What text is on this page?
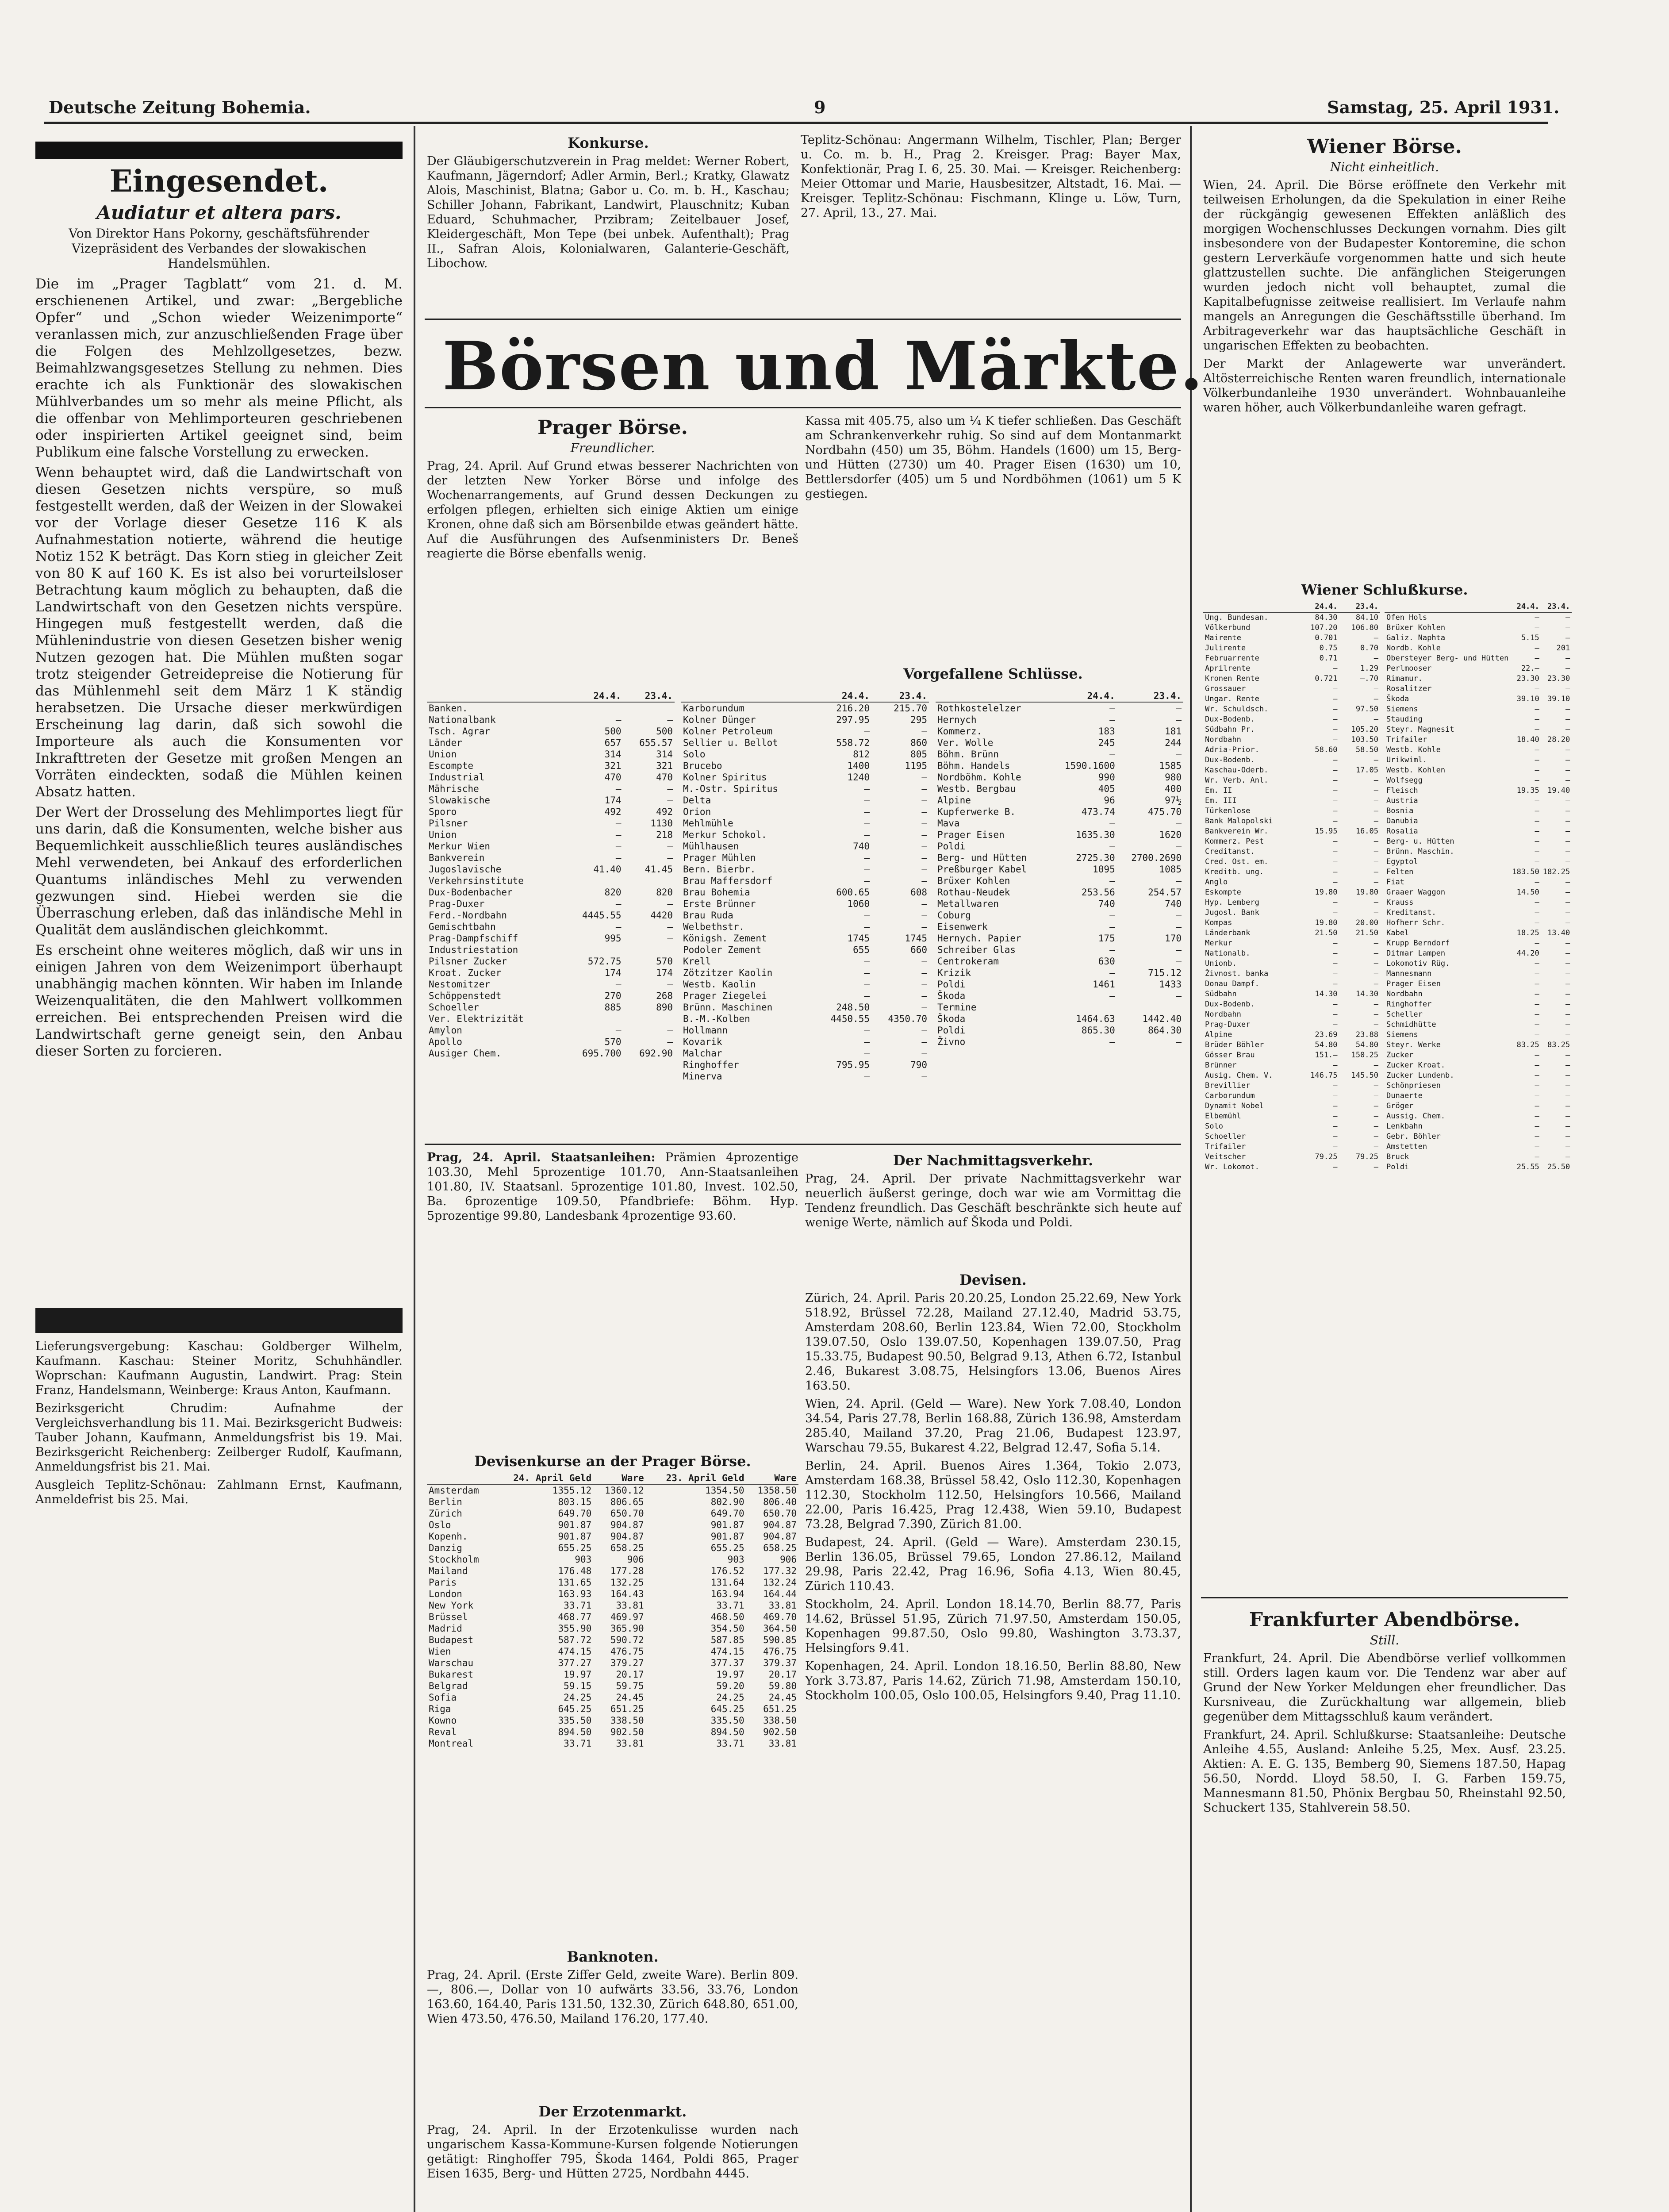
Deutsche Zeitung Bohemia.	9	Samstag, 25. April 1931.
Eingesendet.
Audiatur et altera pars.
Von Direktor Hans Pokorny, geschäftsführender Vizepräsident des Verbandes der slowakischen Handelsmühlen.

Die im „Prager Tagblatt“ vom 21. d. M. erschienenen Artikel, und zwar: „Bergebliche Opfer“ und „Schon wieder Weizenimporte“ veranlassen mich, zur anzuschließenden Frage über die Folgen des Mehlzollgesetzes, bezw. Beimahlzwangsgesetzes Stellung zu nehmen. Dies erachte ich als Funktionär des slowakischen Mühlverbandes um so mehr als meine Pflicht, als die offenbar von Mehlimporteuren geschriebenen oder inspirierten Artikel geeignet sind, beim Publikum eine falsche Vorstellung zu erwecken.

Wenn behauptet wird, daß die Landwirtschaft von diesen Gesetzen nichts verspüre, so muß festgestellt werden, daß der Weizen in der Slowakei vor der Vorlage dieser Gesetze 116 K als Aufnahmestation notierte, während die heutige Notiz 152 K beträgt. Das Korn stieg in gleicher Zeit von 80 K auf 160 K. Es ist also bei vorurteilsloser Betrachtung kaum möglich zu behaupten, daß die Landwirtschaft von den Gesetzen nichts verspüre. Hingegen muß festgestellt werden, daß die Mühlenindustrie von diesen Gesetzen bisher wenig Nutzen gezogen hat. Die Mühlen mußten sogar trotz steigender Getreidepreise die Notierung für das Mühlenmehl seit dem März 1 K ständig herabsetzen. Die Ursache dieser merkwürdigen Erscheinung lag darin, daß sich sowohl die Importeure als auch die Konsumenten vor Inkrafttreten der Gesetze mit großen Mengen an Vorräten eindeckten, sodaß die Mühlen keinen Absatz hatten.

Der Wert der Drosselung des Mehlimportes liegt für uns darin, daß die Konsumenten, welche bisher aus Bequemlichkeit ausschließlich teures ausländisches Mehl verwendeten, bei Ankauf des erforderlichen Quantums inländisches Mehl zu verwenden gezwungen sind. Hiebei werden sie die Überraschung erleben, daß das inländische Mehl in Qualität dem ausländischen gleichkommt.

Es erscheint ohne weiteres möglich, daß wir uns in einigen Jahren von dem Weizenimport überhaupt unabhängig machen könnten. Wir haben im Inlande Weizenqualitäten, die den Mahlwert vollkommen erreichen. Bei entsprechenden Preisen wird die Landwirtschaft gerne geneigt sein, den Anbau dieser Sorten zu forcieren.

Lieferungsvergebung: Kaschau: Goldberger Wilhelm, Kaufmann. Kaschau: Steiner Moritz, Schuhhändler. Woprschan: Kaufmann Augustin, Landwirt. Prag: Stein Franz, Handelsmann, Weinberge: Kraus Anton, Kaufmann.

Bezirksgericht Chrudim: Aufnahme der Vergleichsverhandlung bis 11. Mai. Bezirksgericht Budweis: Tauber Johann, Kaufmann, Anmeldungsfrist bis 19. Mai. Bezirksgericht Reichenberg: Zeilberger Rudolf, Kaufmann, Anmeldungsfrist bis 21. Mai.

Ausgleich Teplitz-Schönau: Zahlmann Ernst, Kaufmann, Anmeldefrist bis 25. Mai.

Konkurse.

Der Gläubigerschutzverein in Prag meldet: Werner Robert, Kaufmann, Jägerndorf; Adler Armin, Berl.; Kratky, Glawatz Alois, Maschinist, Blatna; Gabor u. Co. m. b. H., Kaschau; Schiller Johann, Fabrikant, Landwirt, Plauschnitz; Kuban Eduard, Schuhmacher, Przibram; Zeitelbauer Josef, Kleidergeschäft, Mon Tepe (bei unbek. Aufenthalt); Prag II., Safran Alois, Kolonialwaren, Galanterie-Geschäft, Libochow.

Teplitz-Schönau: Angermann Wilhelm, Tischler, Plan; Berger u. Co. m. b. H., Prag 2. Kreisger. Prag: Bayer Max, Konfektionär, Prag I. 6, 25. 30. Mai. — Kreisger. Reichenberg: Meier Ottomar und Marie, Hausbesitzer, Altstadt, 16. Mai. — Kreisger. Teplitz-Schönau: Fischmann, Klinge u. Löw, Turn, 27. April, 13., 27. Mai.

Börsen und Märkte.
Prager Börse.
Freundlicher.

Prag, 24. April. Auf Grund etwas besserer Nachrichten von der letzten New Yorker Börse und infolge des Wochenarrangements, auf Grund dessen Deckungen zu erfolgen pflegen, erhielten sich einige Aktien um einige Kronen, ohne daß sich am Börsenbilde etwas geändert hätte. Auf die Ausführungen des Aufsenministers Dr. Beneš reagierte die Börse ebenfalls wenig.

Kassa mit 405.75, also um ¼ K tiefer schließen. Das Geschäft am Schrankenverkehr ruhig. So sind auf dem Montanmarkt Nordbahn (450) um 35, Böhm. Handels (1600) um 15, Berg- und Hütten (2730) um 40. Prager Eisen (1630) um 10, Bettlersdorfer (405) um 5 und Nordböhmen (1061) um 5 K gestiegen.

Vorgefallene Schlüsse.
	24.4.	23.4.
Banken.		
Nationalbank	—	—
Tsch. Agrar	500	500
Länder	657	655.57
Union	314	314
Escompte	321	321
Industrial	470	470
Mährische	—	—
Slowakische	174	—
Sporo	492	492
Pilsner	—	1130
Union	—	218
Merkur Wien	—	—
Bankverein	—	—
Jugoslavische	41.40	41.45
Verkehrsinstitute		
Dux-Bodenbacher	820	820
Prag-Duxer	—	—
Ferd.-Nordbahn	4445.55	4420
Gemischtbahn	—	—
Prag-Dampfschiff	995	—
Industriestation		
Pilsner Zucker	572.75	570
Kroat. Zucker	174	174
Nestomitzer	—	—
Schöppenstedt	270	268
Schoeller	885	890
Ver. Elektrizität		
Amylon	—	—
Apollo	570	—
Ausiger Chem.	695.700	692.90
	24.4.	23.4.
Karborundum	216.20	215.70
Kolner Dünger	297.95	295
Kolner Petroleum	—	—
Sellier u. Bellot	558.72	860
Solo	812	805
Brucebo	1400	1195
Kolner Spiritus	1240	—
M.-Ostr. Spiritus	—	—
Delta	—	—
Orion	—	—
Mehlmühle	—	—
Merkur Schokol.	—	—
Mühlhausen	740	—
Prager Mühlen	—	—
Bern. Bierbr.	—	—
Brau Maffersdorf	—	—
Brau Bohemia	600.65	608
Erste Brünner	1060	—
Brau Ruda	—	—
Welbethstr.	—	—
Königsh. Zement	1745	1745
Podoler Zement	655	660
Krell	—	—
Zötzitzer Kaolin	—	—
Westb. Kaolin	—	—
Prager Ziegelei	—	—
Brünn. Maschinen	248.50	—
B.-M.-Kolben	4450.55	4350.70
Hollmann	—	—
Kovarik	—	—
Malchar	—	—
Ringhoffer	795.95	790
Minerva	—	—
	24.4.	23.4.
Rothkostelelzer	—	—
Hernych	—	—
Kommerz.	183	181
Ver. Wolle	245	244
Böhm. Brünn	—	—
Böhm. Handels	1590.1600	1585
Nordböhm. Kohle	990	980
Westb. Bergbau	405	400
Alpine	96	97½
Kupferwerke B.	473.74	475.70
Mava	—	—
Prager Eisen	1635.30	1620
Poldi	—	—
Berg- und Hütten	2725.30	2700.2690
Preßburger Kabel	1095	1085
Brüxer Kohlen	—	—
Rothau-Neudek	253.56	254.57
Metallwaren	740	740
Coburg	—	—
Eisenwerk	—	—
Hernych. Papier	175	170
Schreiber Glas	—	—
Centrokeram	630	—
Krizik	—	715.12
Poldi	1461	1433
Škoda	—	—
Termine		
Škoda	1464.63	1442.40
Poldi	865.30	864.30
Živno	—	—

Prag, 24. April. Staatsanleihen: Prämien 4prozentige 103.30, Mehl 5prozentige 101.70, Ann-Staatsanleihen 101.80, IV. Staatsanl. 5prozentige 101.80, Invest. 102.50, Ba. 6prozentige 109.50, Pfandbriefe: Böhm. Hyp. 5prozentige 99.80, Landesbank 4prozentige 93.60.

Der Nachmittagsverkehr.

Prag, 24. April. Der private Nachmittagsverkehr war neuerlich äußerst geringe, doch war wie am Vormittag die Tendenz freundlich. Das Geschäft beschränkte sich heute auf wenige Werte, nämlich auf Škoda und Poldi.

Devisen.

Zürich, 24. April. Paris 20.20.25, London 25.22.69, New York 518.92, Brüssel 72.28, Mailand 27.12.40, Madrid 53.75, Amsterdam 208.60, Berlin 123.84, Wien 72.00, Stockholm 139.07.50, Oslo 139.07.50, Kopenhagen 139.07.50, Prag 15.33.75, Budapest 90.50, Belgrad 9.13, Athen 6.72, Istanbul 2.46, Bukarest 3.08.75, Helsingfors 13.06, Buenos Aires 163.50.

Wien, 24. April. (Geld — Ware). New York 7.08.40, London 34.54, Paris 27.78, Berlin 168.88, Zürich 136.98, Amsterdam 285.40, Mailand 37.20, Prag 21.06, Budapest 123.97, Warschau 79.55, Bukarest 4.22, Belgrad 12.47, Sofia 5.14.

Berlin, 24. April. Buenos Aires 1.364, Tokio 2.073, Amsterdam 168.38, Brüssel 58.42, Oslo 112.30, Kopenhagen 112.30, Stockholm 112.50, Helsingfors 10.566, Mailand 22.00, Paris 16.425, Prag 12.438, Wien 59.10, Budapest 73.28, Belgrad 7.390, Zürich 81.00.

Budapest, 24. April. (Geld — Ware). Amsterdam 230.15, Berlin 136.05, Brüssel 79.65, London 27.86.12, Mailand 29.98, Paris 22.42, Prag 16.96, Sofia 4.13, Wien 80.45, Zürich 110.43.

Stockholm, 24. April. London 18.14.70, Berlin 88.77, Paris 14.62, Brüssel 51.95, Zürich 71.97.50, Amsterdam 150.05, Kopenhagen 99.87.50, Oslo 99.80, Washington 3.73.37, Helsingfors 9.41.

Kopenhagen, 24. April. London 18.16.50, Berlin 88.80, New York 3.73.87, Paris 14.62, Zürich 71.98, Amsterdam 150.10, Stockholm 100.05, Oslo 100.05, Helsingfors 9.40, Prag 11.10.

Devisenkurse an der Prager Börse.
	24. April Geld	Ware	23. April Geld	Ware
Amsterdam	1355.12	1360.12	1354.50	1358.50
Berlin	803.15	806.65	802.90	806.40
Zürich	649.70	650.70	649.70	650.70
Oslo	901.87	904.87	901.87	904.87
Kopenh.	901.87	904.87	901.87	904.87
Danzig	655.25	658.25	655.25	658.25
Stockholm	903	906	903	906
Mailand	176.48	177.28	176.52	177.32
Paris	131.65	132.25	131.64	132.24
London	163.93	164.43	163.94	164.44
New York	33.71	33.81	33.71	33.81
Brüssel	468.77	469.97	468.50	469.70
Madrid	355.90	365.90	354.50	364.50
Budapest	587.72	590.72	587.85	590.85
Wien	474.15	476.75	474.15	476.75
Warschau	377.27	379.27	377.37	379.37
Bukarest	19.97	20.17	19.97	20.17
Belgrad	59.15	59.75	59.20	59.80
Sofia	24.25	24.45	24.25	24.45
Riga	645.25	651.25	645.25	651.25
Kowno	335.50	338.50	335.50	338.50
Reval	894.50	902.50	894.50	902.50
Montreal	33.71	33.81	33.71	33.81
Banknoten.

Prag, 24. April. (Erste Ziffer Geld, zweite Ware). Berlin 809.—, 806.—, Dollar von 10 aufwärts 33.56, 33.76, London 163.60, 164.40, Paris 131.50, 132.30, Zürich 648.80, 651.00, Wien 473.50, 476.50, Mailand 176.20, 177.40.

Der Erzotenmarkt.

Prag, 24. April. In der Erzotenkulisse wurden nach ungarischem Kassa-Kommune-Kursen folgende Notierungen getätigt: Ringhoffer 795, Škoda 1464, Poldi 865, Prager Eisen 1635, Berg- und Hütten 2725, Nordbahn 4445.

Wiener Börse.
Nicht einheitlich.

Wien, 24. April. Die Börse eröffnete den Verkehr mit teilweisen Erholungen, da die Spekulation in einer Reihe der rückgängig gewesenen Effekten anläßlich des morgigen Wochenschlusses Deckungen vornahm. Dies gilt insbesondere von der Budapester Kontoremine, die schon gestern Lerverkäufe vorgenommen hatte und sich heute glattzustellen suchte. Die anfänglichen Steigerungen wurden jedoch nicht voll behauptet, zumal die Kapitalbefugnisse zeitweise reallisiert. Im Verlaufe nahm mangels an Anregungen die Geschäftsstille überhand. Im Arbitrageverkehr war das hauptsächliche Geschäft in ungarischen Effekten zu beobachten.

Der Markt der Anlagewerte war unverändert. Altösterreichische Renten waren freundlich, internationale Völkerbundanleihe 1930 unverändert. Wohnbauanleihe waren höher, auch Völkerbundanleihe waren gefragt.

Wiener Schlußkurse.
	24.4.	23.4.
Ung. Bundesan.	84.30	84.10
Völkerbund	107.20	106.80
Mairente	0.701	—
Julirente	0.75	0.70
Februarrente	0.71	—
Aprilrente	—	1.29
Kronen Rente	0.721	—.70
Grossauer	—	—
Ungar. Rente	—	—
Wr. Schuldsch.	—	97.50
Dux-Bodenb.	—	—
Südbahn Pr.	—	105.20
Nordbahn	—	103.50
Adria-Prior.	58.60	58.50
Dux-Bodenb.	—	—
Kaschau-Oderb.	—	17.05
Wr. Verb. Anl.	—	—
Em. II	—	—
Em. III	—	—
Türkenlose	—	—
Bank Malopolski	—	—
Bankverein Wr.	15.95	16.05
Kommerz. Pest	—	—
Creditanst.	—	—
Cred. Ost. em.	—	—
Kreditb. ung.	—	—
Anglo	—	—
Eskompte	19.80	19.80
Hyp. Lemberg	—	—
Jugosl. Bank	—	—
Kompas	19.80	20.00
Länderbank	21.50	21.50
Merkur	—	—
Nationalb.	—	—
Unionb.	—	—
Živnost. banka	—	—
Donau Dampf.	—	—
Südbahn	14.30	14.30
Dux-Bodenb.	—	—
Nordbahn	—	—
Prag-Duxer	—	—
Alpine	23.69	23.88
Brüder Böhler	54.80	54.80
Gösser Brau	151.—	150.25
Brünner	—	—
Ausig. Chem. V.	146.75	145.50
Brevillier	—	—
Carborundum	—	—
Dynamit Nobel	—	—
Elbemühl	—	—
Solo	—	—
Schoeller	—	—
Trifailer	—	—
Veitscher	79.25	79.25
Wr. Lokomot.	—	—
	24.4.	23.4.
Ofen Hols	—	—
Brüxer Kohlen	—	—
Galiz. Naphta	5.15	—
Nordb. Kohle	—	201
Obersteyer Berg- und Hütten	—	—
Perlmooser	22.—	—
Rimamur.	23.30	23.30
Rosalitzer	—	—
Škoda	39.10	39.10
Siemens	—	—
Stauding	—	—
Steyr. Magnesit	—	—
Trifailer	18.40	28.20
Westb. Kohle	—	—
Urikwiml.	—	—
Westb. Kohlen	—	—
Wolfsegg	—	—
Fleisch	19.35	19.40
Austria	—	—
Bosnia	—	—
Danubia	—	—
Rosalia	—	—
Berg- u. Hütten	—	—
Brünn. Maschin.	—	—
Egyptol	—	—
Felten	183.50	182.25
Fiat	—	—
Graaer Waggon	14.50	—
Krauss	—	—
Kreditanst.	—	—
Hofherr Schr.	—	—
Kabel	18.25	13.40
Krupp Berndorf	—	—
Ditmar Lampen	44.20	—
Lokomotiv Rüg.	—	—
Mannesmann	—	—
Prager Eisen	—	—
Nordbahn	—	—
Ringhoffer	—	—
Scheller	—	—
Schmidhütte	—	—
Siemens	—	—
Steyr. Werke	83.25	83.25
Zucker	—	—
Zucker Kroat.	—	—
Zucker Lundenb.	—	—
Schönpriesen	—	—
Dunaerte	—	—
Gröger	—	—
Aussig. Chem.	—	—
Lenkbahn	—	—
Gebr. Böhler	—	—
Amstetten	—	—
Bruck	—	—
Poldi	25.55	25.50
Frankfurter Abendbörse.
Still.

Frankfurt, 24. April. Die Abendbörse verlief vollkommen still. Orders lagen kaum vor. Die Tendenz war aber auf Grund der New Yorker Meldungen eher freundlicher. Das Kursniveau, die Zurückhaltung war allgemein, blieb gegenüber dem Mittagsschluß kaum verändert.

Frankfurt, 24. April. Schlußkurse: Staatsanleihe: Deutsche Anleihe 4.55, Ausland: Anleihe 5.25, Mex. Ausf. 23.25. Aktien: A. E. G. 135, Bemberg 90, Siemens 187.50, Hapag 56.50, Nordd. Lloyd 58.50, I. G. Farben 159.75, Mannesmann 81.50, Phönix Bergbau 50, Rheinstahl 92.50, Schuckert 135, Stahlverein 58.50.
